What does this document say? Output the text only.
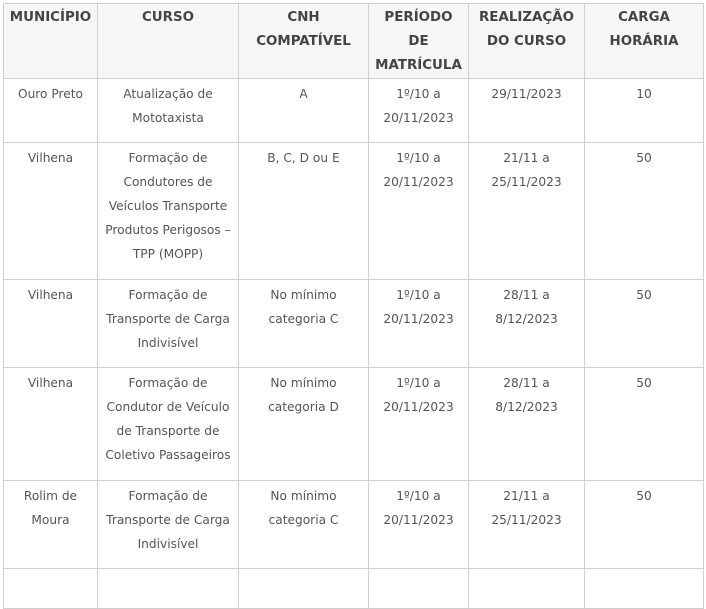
MUNICÍPIO	CURSO	CNH COMPATÍVEL	PERÍODO DE MATRÍCULA	REALIZAÇÃO DO CURSO	CARGA HORÁRIA
Ouro Preto	Atualização de Mototaxista	A	1º/10 a 20/11/2023	29/11/2023	10
Vilhena	Formação de Condutores de Veículos Transporte Produtos Perigosos – TPP (MOPP)	B, C, D ou E	1º/10 a 20/11/2023	21/11 a 25/11/2023	50
Vilhena	Formação de Transporte de Carga Indivisível	No mínimo categoria C	1º/10 a 20/11/2023	28/11 a 8/12/2023	50
Vilhena	Formação de Condutor de Veículo de Transporte de Coletivo Passageiros	No mínimo categoria D	1º/10 a 20/11/2023	28/11 a 8/12/2023	50
Rolim de Moura	Formação de Transporte de Carga Indivisível	No mínimo categoria C	1º/10 a 20/11/2023	21/11 a 25/11/2023	50
